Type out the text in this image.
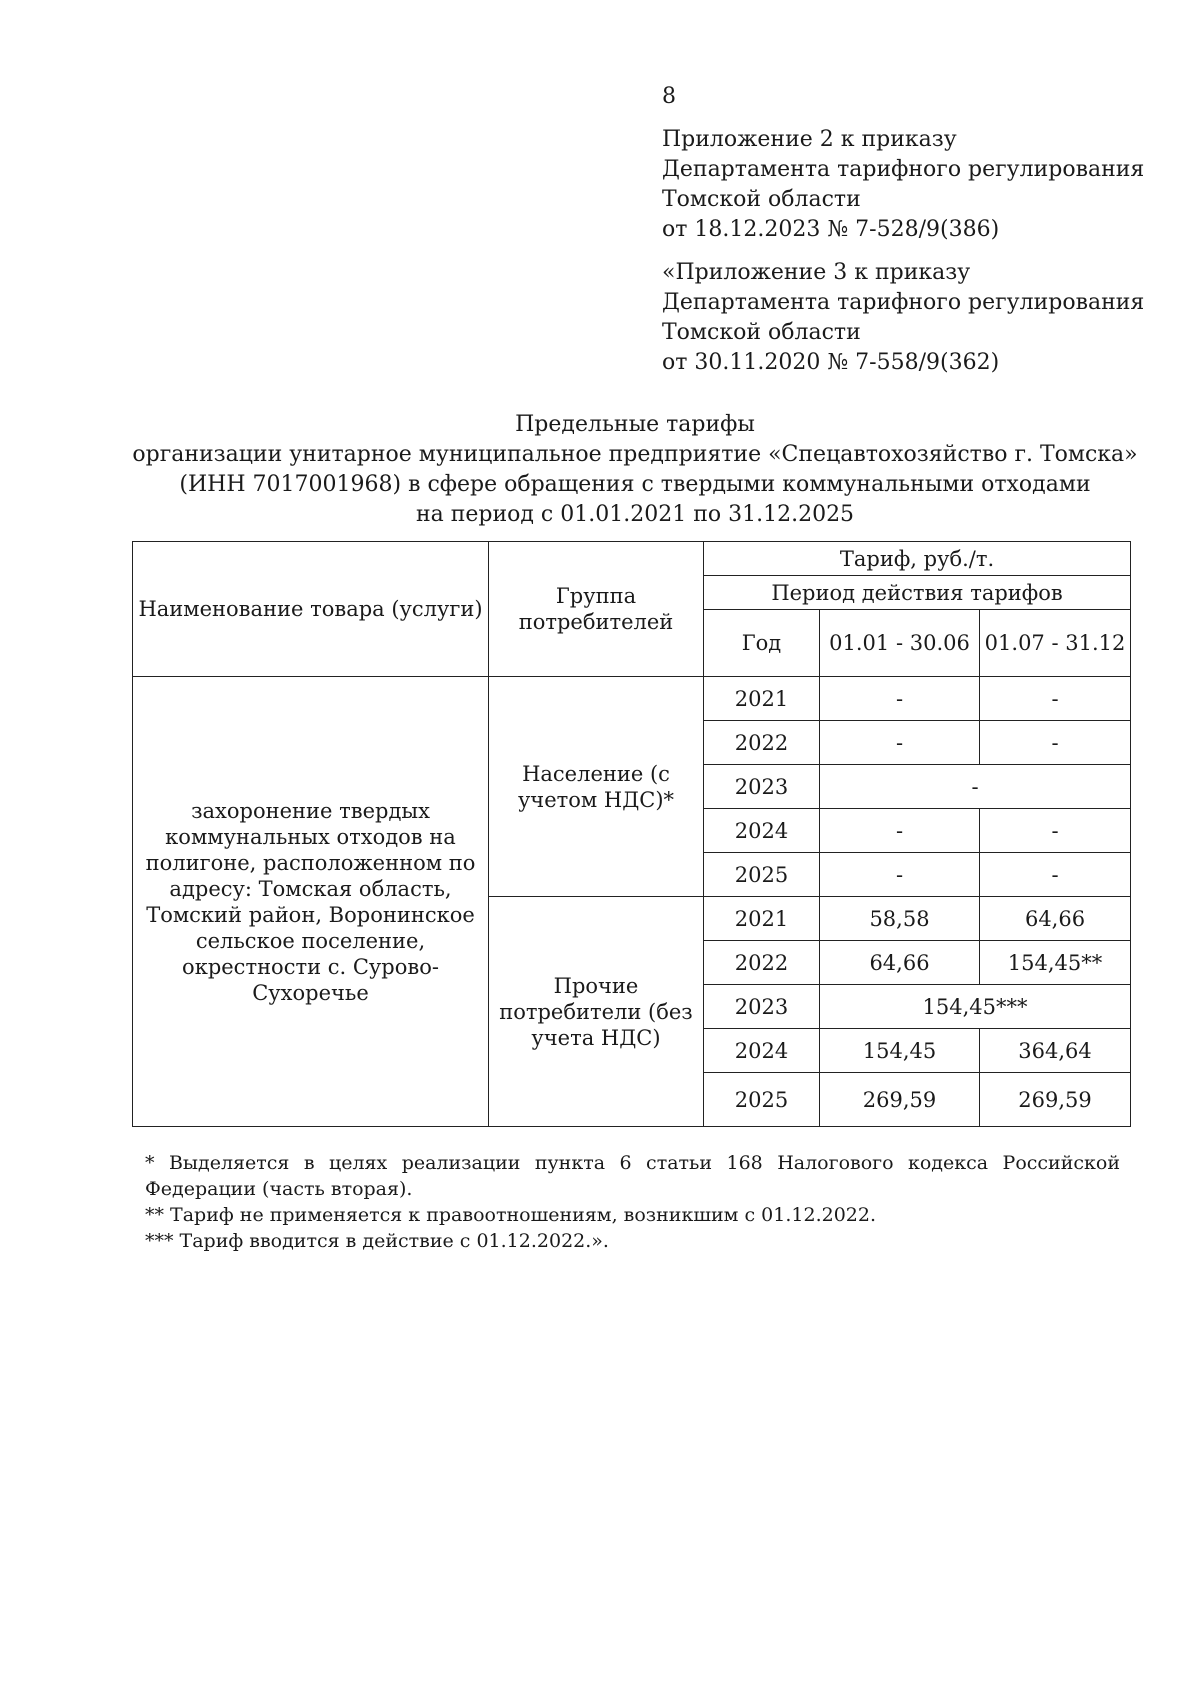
8
Приложение 2 к приказу
Департамента тарифного регулирования
Томской области
от 18.12.2023 № 7-528/9(386)
«Приложение 3 к приказу
Департамента тарифного регулирования
Томской области
от 30.11.2020 № 7-558/9(362)
Предельные тарифы
организации унитарное муниципальное предприятие «Спецавтохозяйство г. Томска»
(ИНН 7017001968) в сфере обращения с твердыми коммунальными отходами
на период с 01.01.2021 по 31.12.2025
Наименование товара (услуги)	Группа потребителей	Тариф, руб./т.		
		Период действия тарифов		
		Год	01.01 - 30.06	01.07 - 31.12
захоронение твердых коммунальных отходов на полигоне, расположенном по адресу: Томская область, Томский район, Воронинское сельское поселение, окрестности с. Сурово-Сухоречье	Население (с учетом НДС)*	2021	-	-
		2022	-	-
		2023	-	
		2024	-	-
		2025	-	-
	Прочие потребители (без учета НДС)	2021	58,58	64,66
		2022	64,66	154,45**
		2023	154,45***	
		2024	154,45	364,64
		2025	269,59	269,59
* Выделяется в целях реализации пункта 6 статьи 168 Налогового кодекса Российской Федерации (часть вторая).
** Тариф не применяется к правоотношениям, возникшим с 01.12.2022.
*** Тариф вводится в действие с 01.12.2022.».
